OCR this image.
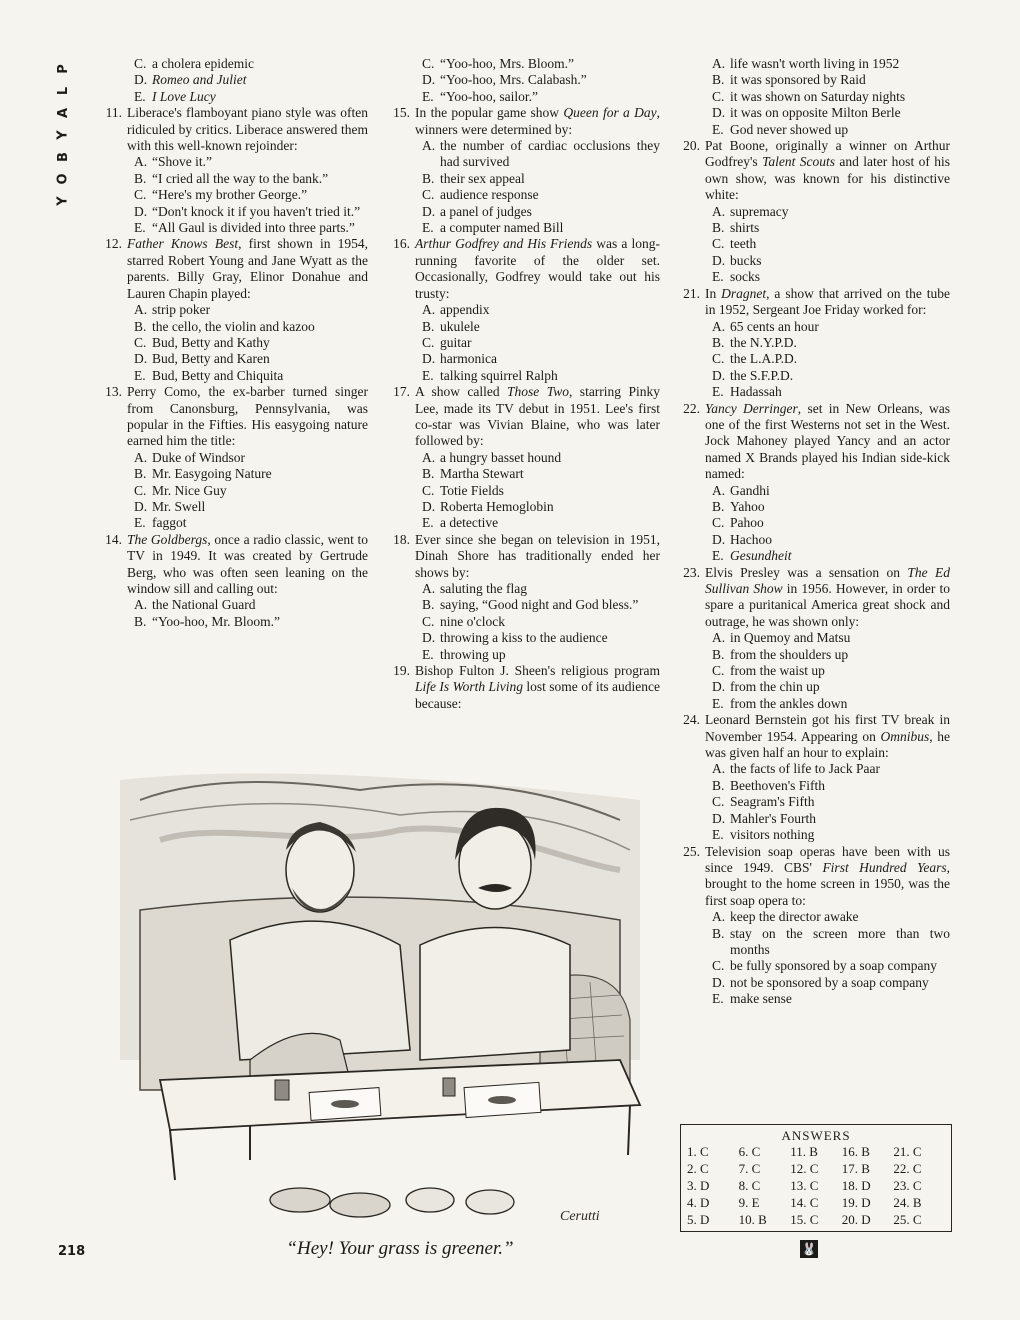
P
L
A
Y
B
O
Y
C. a cholera epidemic
D. Romeo and Juliet
E. I Love Lucy
11. Liberace's flamboyant piano style was often ridiculed by critics. Liberace answered them with this well-known rejoinder:
A. “Shove it.”
B. “I cried all the way to the bank.”
C. “Here's my brother George.”
D. “Don't knock it if you haven't tried it.”
E. “All Gaul is divided into three parts.”
12. Father Knows Best, first shown in 1954, starred Robert Young and Jane Wyatt as the parents. Billy Gray, Elinor Donahue and Lauren Chapin played:
A. strip poker
B. the cello, the violin and kazoo
C. Bud, Betty and Kathy
D. Bud, Betty and Karen
E. Bud, Betty and Chiquita
13. Perry Como, the ex-barber turned singer from Canonsburg, Pennsylvania, was popular in the Fifties. His easygoing nature earned him the title:
A. Duke of Windsor
B. Mr. Easygoing Nature
C. Mr. Nice Guy
D. Mr. Swell
E. faggot
14. The Goldbergs, once a radio classic, went to TV in 1949. It was created by Gertrude Berg, who was often seen leaning on the window sill and calling out:
A. the National Guard
B. “Yoo-hoo, Mr. Bloom.”
C. “Yoo-hoo, Mrs. Bloom.”
D. “Yoo-hoo, Mrs. Calabash.”
E. “Yoo-hoo, sailor.”
15. In the popular game show Queen for a Day, winners were determined by:
A. the number of cardiac occlusions they had survived
B. their sex appeal
C. audience response
D. a panel of judges
E. a computer named Bill
16. Arthur Godfrey and His Friends was a long-running favorite of the older set. Occasionally, Godfrey would take out his trusty:
A. appendix
B. ukulele
C. guitar
D. harmonica
E. talking squirrel Ralph
17. A show called Those Two, starring Pinky Lee, made its TV debut in 1951. Lee's first co-star was Vivian Blaine, who was later followed by:
A. a hungry basset hound
B. Martha Stewart
C. Totie Fields
D. Roberta Hemoglobin
E. a detective
18. Ever since she began on television in 1951, Dinah Shore has traditionally ended her shows by:
A. saluting the flag
B. saying, “Good night and God bless.”
C. nine o'clock
D. throwing a kiss to the audience
E. throwing up
19. Bishop Fulton J. Sheen's religious program Life Is Worth Living lost some of its audience because:
A. life wasn't worth living in 1952
B. it was sponsored by Raid
C. it was shown on Saturday nights
D. it was on opposite Milton Berle
E. God never showed up
20. Pat Boone, originally a winner on Arthur Godfrey's Talent Scouts and later host of his own show, was known for his distinctive white:
A. supremacy
B. shirts
C. teeth
D. bucks
E. socks
21. In Dragnet, a show that arrived on the tube in 1952, Sergeant Joe Friday worked for:
A. 65 cents an hour
B. the N.Y.P.D.
C. the L.A.P.D.
D. the S.F.P.D.
E. Hadassah
22. Yancy Derringer, set in New Orleans, was one of the first Westerns not set in the West. Jock Mahoney played Yancy and an actor named X Brands played his Indian side-kick named:
A. Gandhi
B. Yahoo
C. Pahoo
D. Hachoo
E. Gesundheit
23. Elvis Presley was a sensation on The Ed Sullivan Show in 1956. However, in order to spare a puritanical America great shock and outrage, he was shown only:
A. in Quemoy and Matsu
B. from the shoulders up
C. from the waist up
D. from the chin up
E. from the ankles down
24. Leonard Bernstein got his first TV break in November 1954. Appearing on Omnibus, he was given half an hour to explain:
A. the facts of life to Jack Paar
B. Beethoven's Fifth
C. Seagram's Fifth
D. Mahler's Fourth
E. visitors nothing
25. Television soap operas have been with us since 1949. CBS' First Hundred Years, brought to the home screen in 1950, was the first soap opera to:
A. keep the director awake
B. stay on the screen more than two months
C. be fully sponsored by a soap company
D. not be sponsored by a soap company
E. make sense
Cerutti
“Hey! Your grass is greener.”
ANSWERS
1. C	6. C	11. B	16. B	21. C
2. C	7. C	12. C	17. B	22. C
3. D	8. C	13. C	18. D	23. C
4. D	9. E	14. C	19. D	24. B
5. D	10. B	15. C	20. D	25. C
218	🐰
